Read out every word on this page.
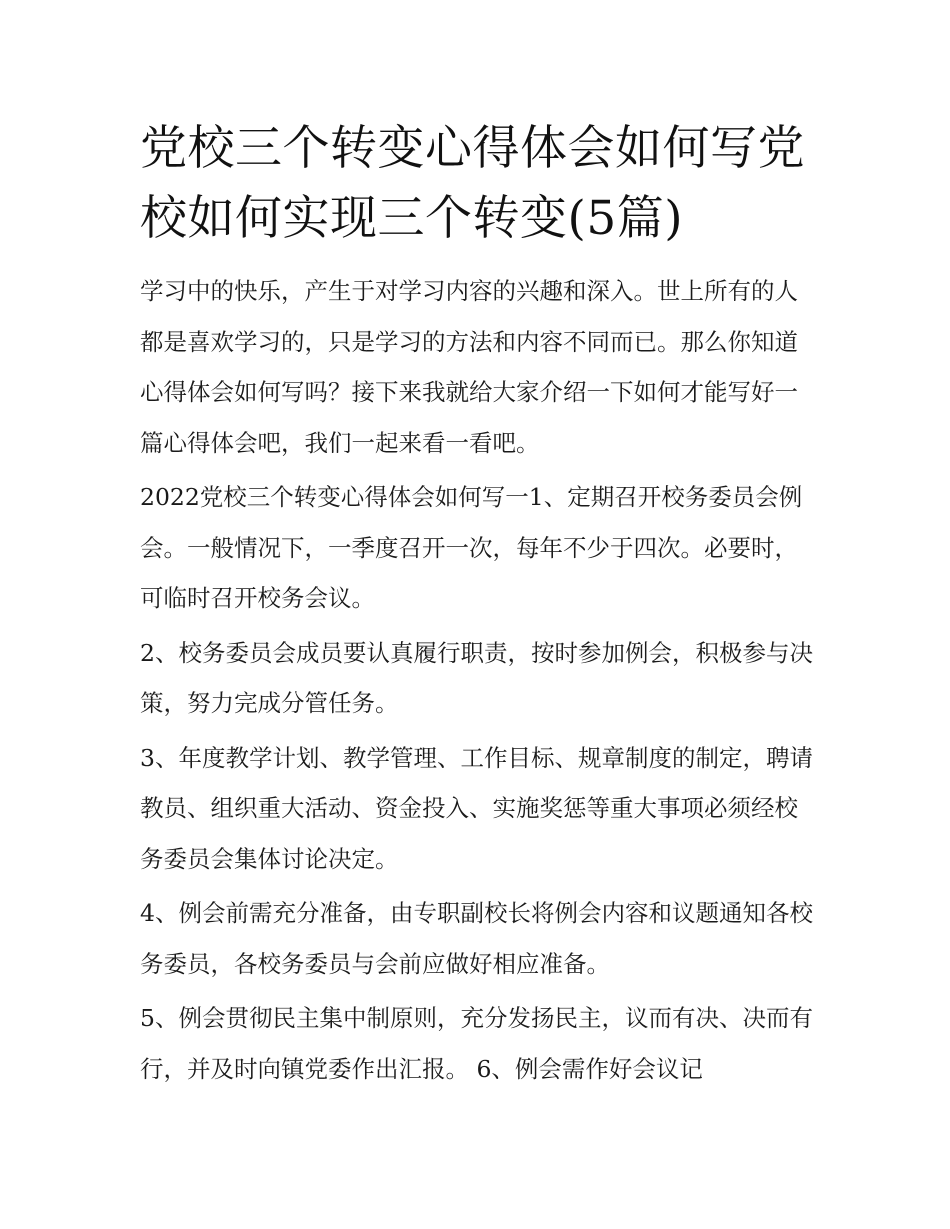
党校三个转变心得体会如何写党校如何实现三个转变(5篇)

学习中的快乐，产生于对学习内容的兴趣和深入。世上所有的人都是喜欢学习的，只是学习的方法和内容不同而已。那么你知道心得体会如何写吗？接下来我就给大家介绍一下如何才能写好一篇心得体会吧，我们一起来看一看吧。

2022党校三个转变心得体会如何写一1、定期召开校务委员会例会。一般情况下，一季度召开一次，每年不少于四次。必要时，可临时召开校务会议。

2、校务委员会成员要认真履行职责，按时参加例会，积极参与决策，努力完成分管任务。

3、年度教学计划、教学管理、工作目标、规章制度的制定，聘请教员、组织重大活动、资金投入、实施奖惩等重大事项必须经校务委员会集体讨论决定。

4、例会前需充分准备，由专职副校长将例会内容和议题通知各校务委员，各校务委员与会前应做好相应准备。

5、例会贯彻民主集中制原则，充分发扬民主，议而有决、决而有行，并及时向镇党委作出汇报。 6、例会需作好会议记
